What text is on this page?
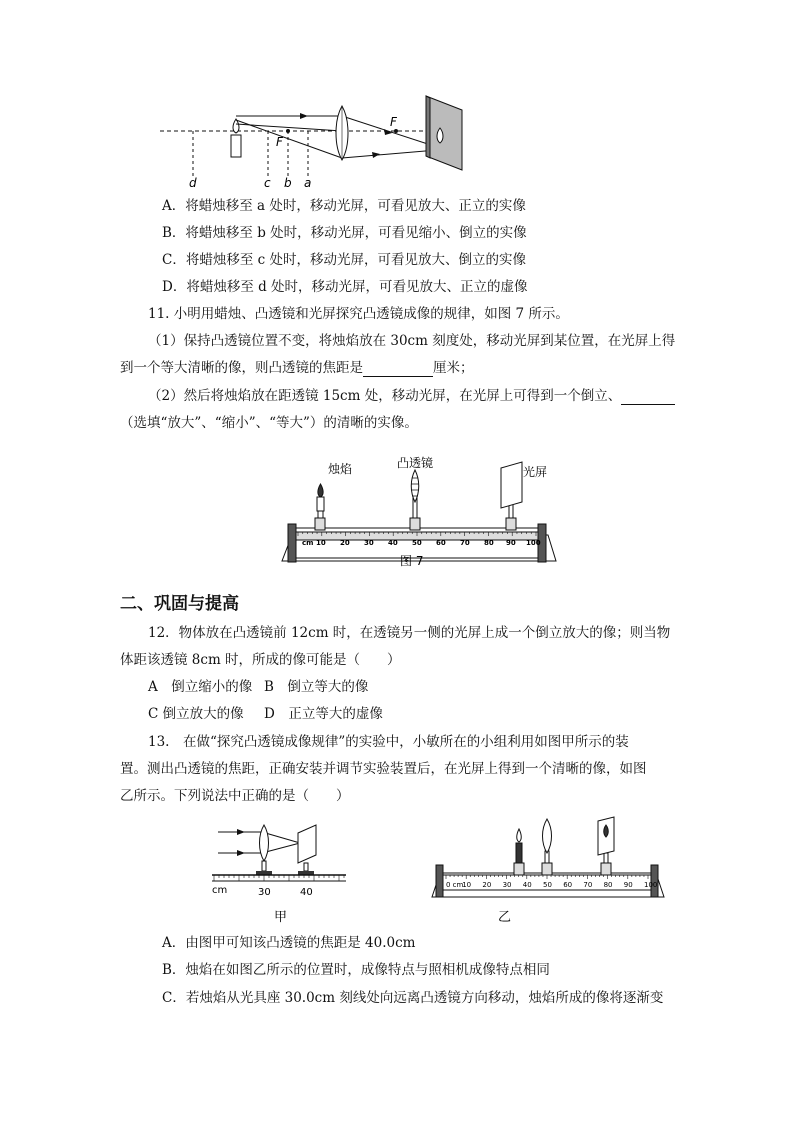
F
F
d	c b a
A．将蜡烛移至 a 处时，移动光屏，可看见放大、正立的实像
B．将蜡烛移至 b 处时，移动光屏，可看见缩小、倒立的实像
C．将蜡烛移至 c 处时，移动光屏，可看见放大、倒立的实像
D．将蜡烛移至 d 处时，移动光屏，可看见放大、正立的虚像
11. 小明用蜡烛、凸透镜和光屏探究凸透镜成像的规律，如图 7 所示。
（1）保持凸透镜位置不变，将烛焰放在 30cm 刻度处，移动光屏到某位置，在光屏上得
到一个等大清晰的像，则凸透镜的焦距是	厘米；
（2）然后将烛焰放在距透镜 15cm 处，移动光屏，在光屏上可得到一个倒立、
（选填“放大”、“缩小”、“等大”）的清晰的实像。
cm 10 20 30 40 50 60 70 80 90 100
烛焰	凸透镜
光屏
图 7
二、巩固与提高
12．物体放在凸透镜前 12cm 时，在透镜另一侧的光屏上成一个倒立放大的像；则当物
体距该透镜 8cm 时，所成的像可能是（　　）
A　倒立缩小的像 B　倒立等大的像
C 倒立放大的像 D　正立等大的虚像
13.　在做“探究凸透镜成像规律”的实验中，小敏所在的小组利用如图甲所示的装
置。测出凸透镜的焦距，正确安装并调节实验装置后，在光屏上得到一个清晰的像，如图
乙所示。下列说法中正确的是（　　）
cm	30	40
甲
0 cm
10 20 30 40 50 60 70 80 90 100
乙
A．由图甲可知该凸透镜的焦距是 40.0cm
B．烛焰在如图乙所示的位置时，成像特点与照相机成像特点相同
C．若烛焰从光具座 30.0cm 刻线处向远离凸透镜方向移动，烛焰所成的像将逐渐变
